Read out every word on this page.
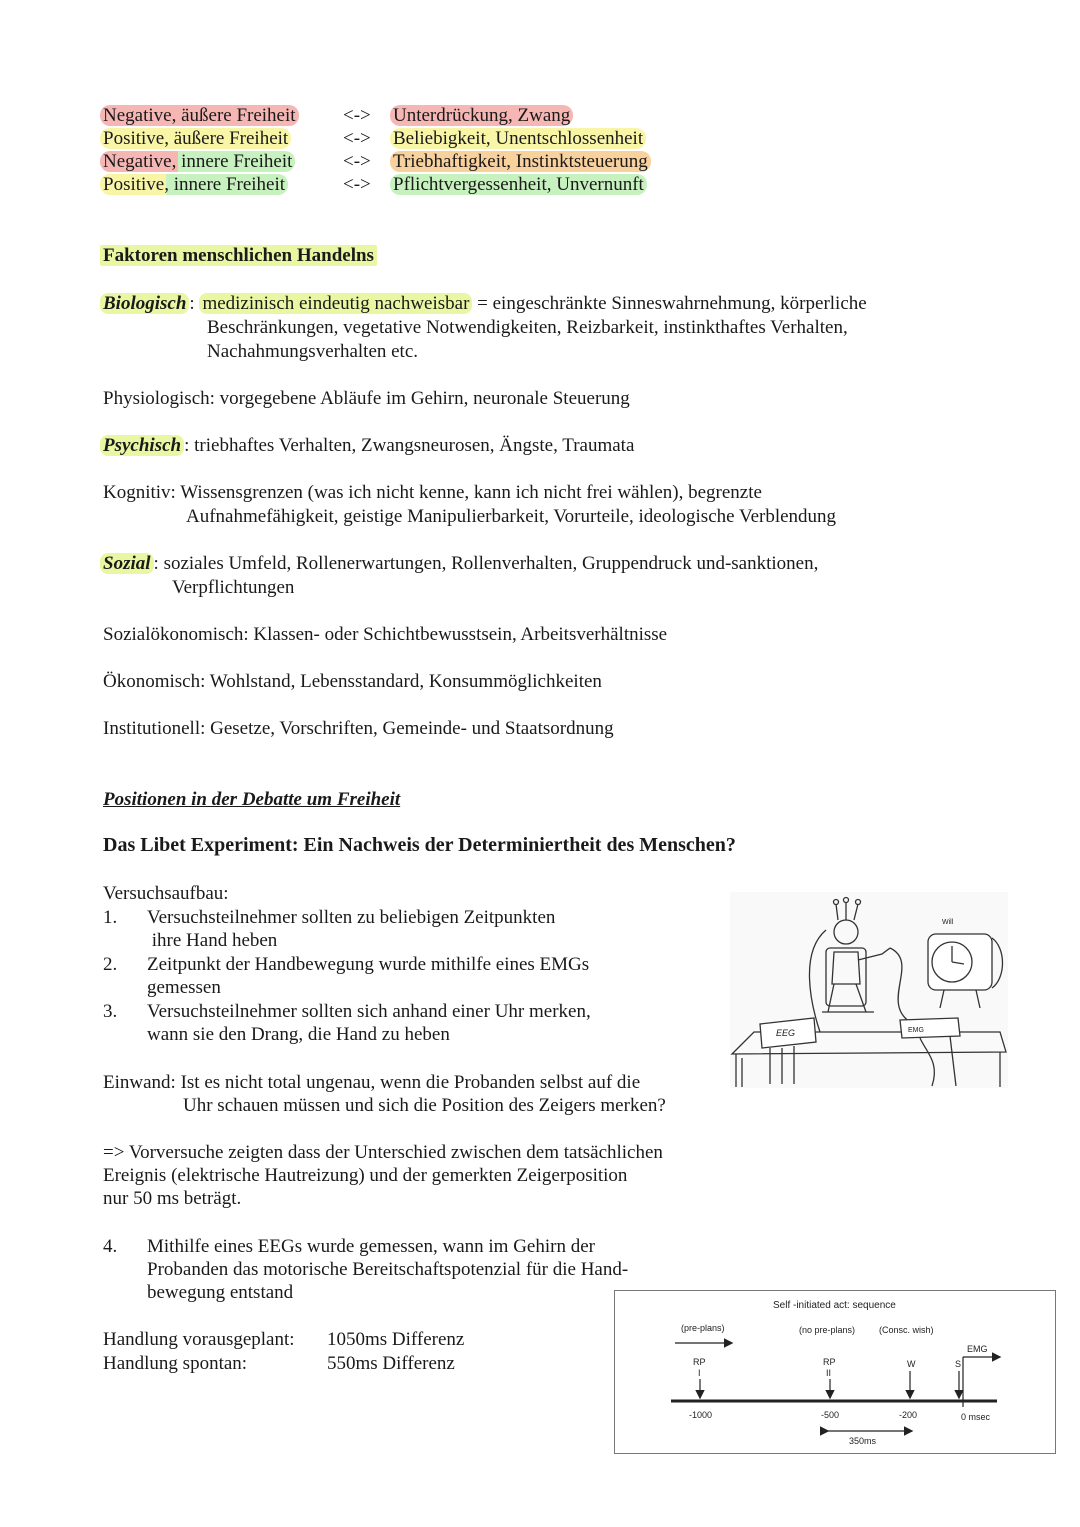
Negative, äußere Freiheit <-> Unterdrückung, Zwang
Positive, äußere Freiheit	<-> Beliebigkeit, Unentschlossenheit
Negative, innere Freiheit	<-> Triebhaftigkeit, Instinktsteuerung
Positive, innere Freiheit	<-> Pflichtvergessenheit, Unvernunft
Faktoren menschlichen Handelns
Biologisch : medizinisch eindeutig nachweisbar = eingeschränkte Sinneswahrnehmung, körperliche
Beschränkungen, vegetative Notwendigkeiten, Reizbarkeit, instinkthaftes Verhalten,
Nachahmungsverhalten etc.
Physiologisch: vorgegebene Abläufe im Gehirn, neuronale Steuerung
Psychisch : triebhaftes Verhalten, Zwangsneurosen, Ängste, Traumata
Kognitiv: Wissensgrenzen (was ich nicht kenne, kann ich nicht frei wählen), begrenzte
Aufnahmefähigkeit, geistige Manipulierbarkeit, Vorurteile, ideologische Verblendung
Sozial : soziales Umfeld, Rollenerwartungen, Rollenverhalten, Gruppendruck und-sanktionen,
Verpflichtungen
Sozialökonomisch: Klassen- oder Schichtbewusstsein, Arbeitsverhältnisse
Ökonomisch: Wohlstand, Lebensstandard, Konsummöglichkeiten
Institutionell: Gesetze, Vorschriften, Gemeinde- und Staatsordnung
Positionen in der Debatte um Freiheit
Das Libet Experiment: Ein Nachweis der Determiniertheit des Menschen?
Versuchsaufbau:
1. Versuchsteilnehmer sollten zu beliebigen Zeitpunkten
ihre Hand heben
2. Zeitpunkt der Handbewegung wurde mithilfe eines EMGs
gemessen
3. Versuchsteilnehmer sollten sich anhand einer Uhr merken,
wann sie den Drang, die Hand zu heben
Einwand: Ist es nicht total ungenau, wenn die Probanden selbst auf die
Uhr schauen müssen und sich die Position des Zeigers merken?
=> Vorversuche zeigten dass der Unterschied zwischen dem tatsächlichen
Ereignis (elektrische Hautreizung) und der gemerkten Zeigerposition
nur 50 ms beträgt.
4. Mithilfe eines EEGs wurde gemessen, wann im Gehirn der
Probanden das motorische Bereitschaftspotenzial für die Hand-
bewegung entstand
Handlung vorausgeplant: 1050ms Differenz
Handlung spontan:	550ms Differenz
EEG	EMG
Will
Self -initiated act: sequence
(pre-plans)	(no pre-plans)	(Consc. wish)
RP
I
RP
II
W	S
EMG
-1000	-500	-200	0 msec
350ms
